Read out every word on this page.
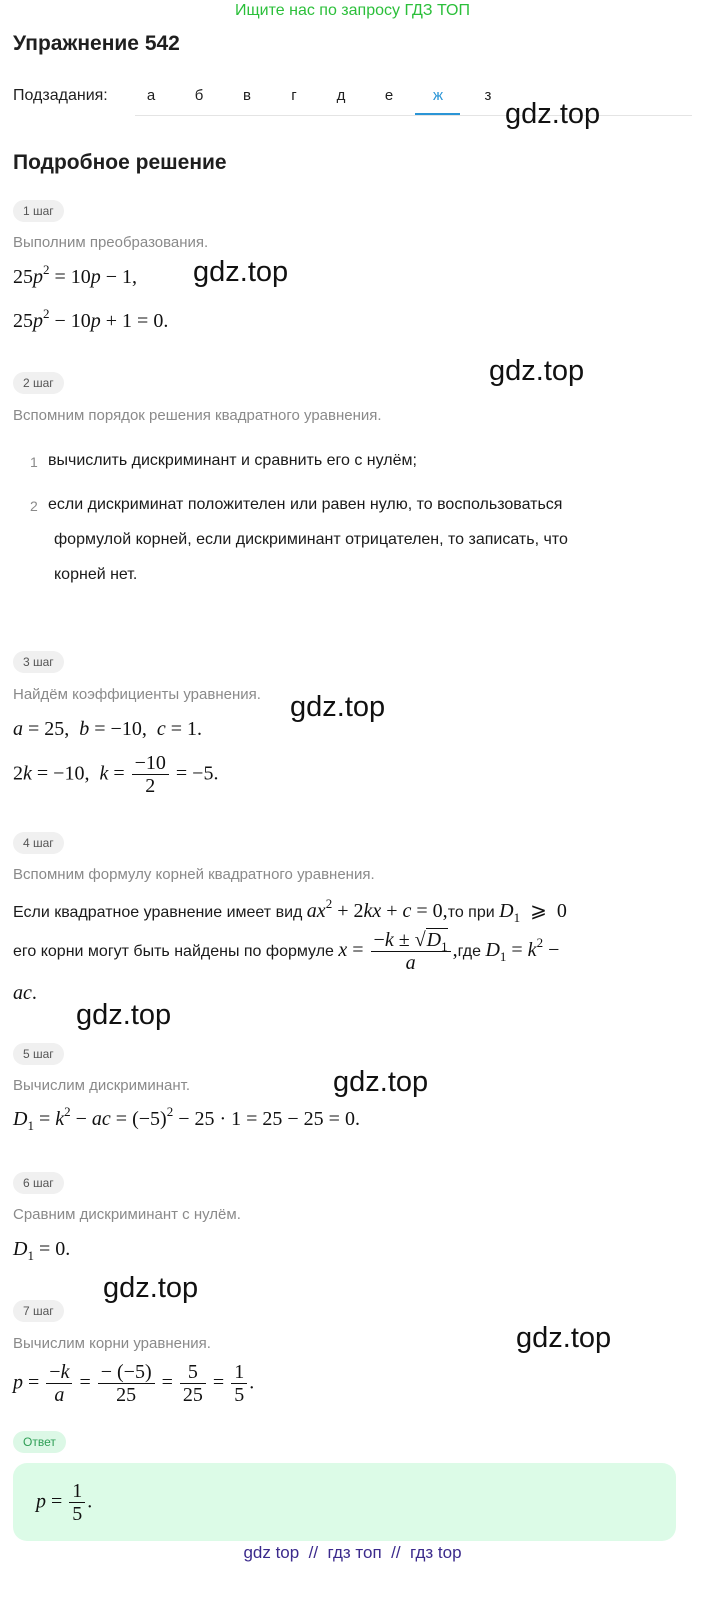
Ищите нас по запросу ГДЗ ТОП
Упражнение 542
Подзадания:	а	б	в	г	д	е	ж	з
gdz.top
Подробное решение
1 шаг
Выполним преобразования.
$25p^2 = 10p - 1$, gdz.top
$25p^2 - 10p + 1 = 0$.
gdz.top
2 шаг
Вспомним порядок решения квадратного уравнения.
1 вычислить дискриминант и сравнить его с нулём;
2 если дискриминат положителен или равен нулю, то воспользоваться
формулой корней, если дискриминант отрицателен, то записать, что
корней нет.
3 шаг
Найдём коэффициенты уравнения. gdz.top
a = 25,  b = −10,  c = 1.
2k = −10,  $k = \frac{-10}{2} = -5$.
4 шаг
Вспомним формулу корней квадратного уравнения.
Если квадратное уравнение имеет вид $ax^2 + 2kx + c = 0,то$ при $D_1$  ⩾  0
его корни могут быть найдены по формуле $x = \frac{-k \pm √D_1}{a} ,где$ $D_1 = k^2$ −
ac.
gdz.top
5 шаг
gdz.top
Вычислим дискриминант.
$D_1 = k^2$ − ac = $(-5)^2 - 25 \cdot 1 = 25 - 25 = 0$.
6 шаг
Сравним дискриминант с нулём.
$D_1 = 0$.
gdz.top
7 шаг
gdz.top
Вычислим корни уравнения.
$p = \frac{-k}{a} = \frac{- (-5)}{25} = \frac{5}{25} = \frac{1}{5}$ .
Ответ
$p = \frac{1}{5}$ .
gdz top  //  гдз топ  //  гдз top
